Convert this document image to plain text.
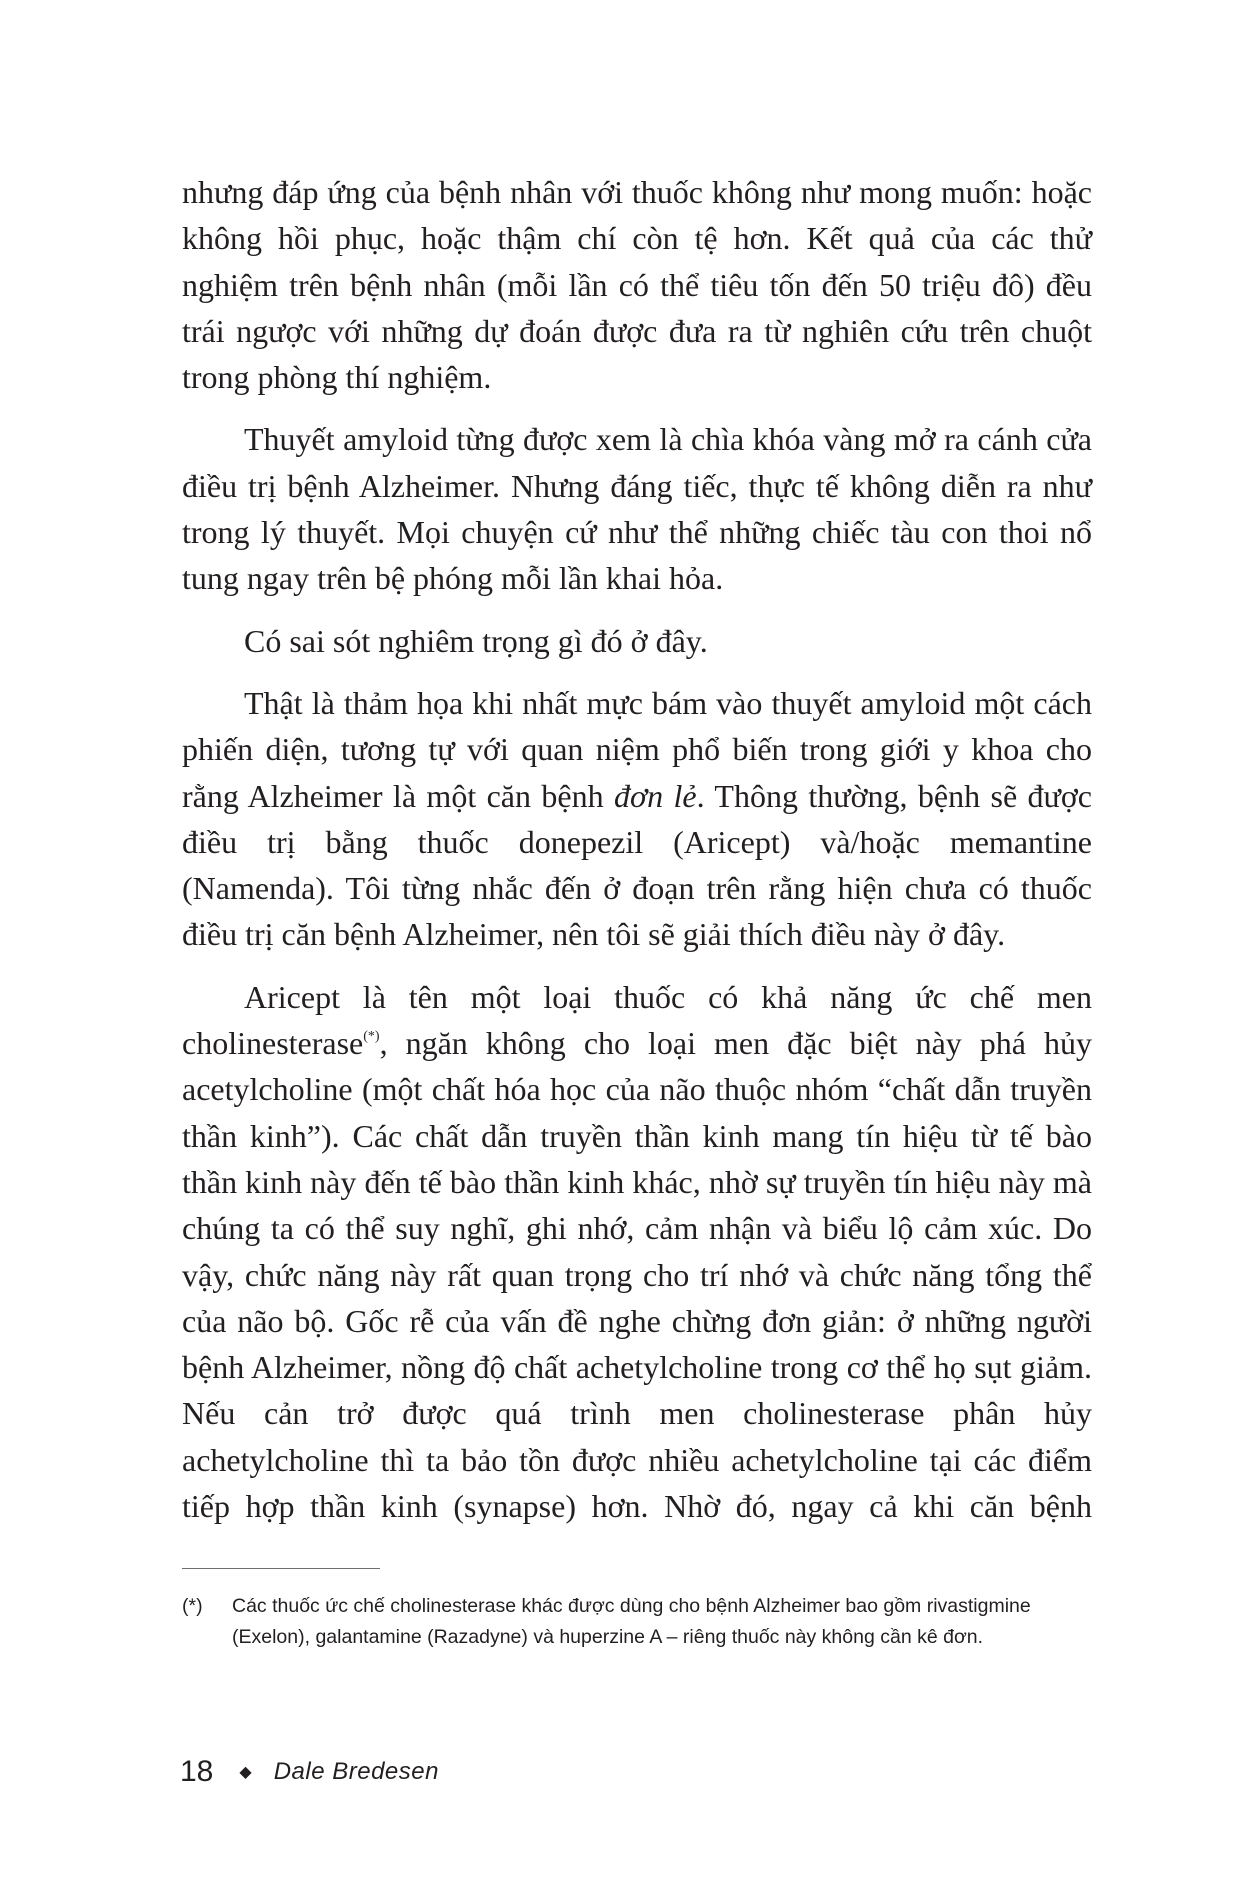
nhưng đáp ứng của bệnh nhân với thuốc không như mong muốn: hoặc không hồi phục, hoặc thậm chí còn tệ hơn. Kết quả của các thử nghiệm trên bệnh nhân (mỗi lần có thể tiêu tốn đến 50 triệu đô) đều trái ngược với những dự đoán được đưa ra từ nghiên cứu trên chuột trong phòng thí nghiệm.

Thuyết amyloid từng được xem là chìa khóa vàng mở ra cánh cửa điều trị bệnh Alzheimer. Nhưng đáng tiếc, thực tế không diễn ra như trong lý thuyết. Mọi chuyện cứ như thể những chiếc tàu con thoi nổ tung ngay trên bệ phóng mỗi lần khai hỏa.

Có sai sót nghiêm trọng gì đó ở đây.

Thật là thảm họa khi nhất mực bám vào thuyết amyloid một cách phiến diện, tương tự với quan niệm phổ biến trong giới y khoa cho rằng Alzheimer là một căn bệnh đơn lẻ. Thông thường, bệnh sẽ được điều trị bằng thuốc donepezil (Aricept) và/hoặc memantine (Namenda). Tôi từng nhắc đến ở đoạn trên rằng hiện chưa có thuốc điều trị căn bệnh Alzheimer, nên tôi sẽ giải thích điều này ở đây.

Aricept là tên một loại thuốc có khả năng ức chế men cholinesterase(*), ngăn không cho loại men đặc biệt này phá hủy acetylcholine (một chất hóa học của não thuộc nhóm “chất dẫn truyền thần kinh”). Các chất dẫn truyền thần kinh mang tín hiệu từ tế bào thần kinh này đến tế bào thần kinh khác, nhờ sự truyền tín hiệu này mà chúng ta có thể suy nghĩ, ghi nhớ, cảm nhận và biểu lộ cảm xúc. Do vậy, chức năng này rất quan trọng cho trí nhớ và chức năng tổng thể của não bộ. Gốc rễ của vấn đề nghe chừng đơn giản: ở những người bệnh Alzheimer, nồng độ chất achetylcholine trong cơ thể họ sụt giảm. Nếu cản trở được quá trình men cholinesterase phân hủy achetylcholine thì ta bảo tồn được nhiều achetylcholine tại các điểm tiếp hợp thần kinh (synapse) hơn. Nhờ đó, ngay cả khi căn bệnh

(*)	Các thuốc ức chế cholinesterase khác được dùng cho bệnh Alzheimer bao gồm rivastigmine (Exelon), galantamine (Razadyne) và huperzine A – riêng thuốc này không cần kê đơn.
18 ◆ Dale Bredesen
